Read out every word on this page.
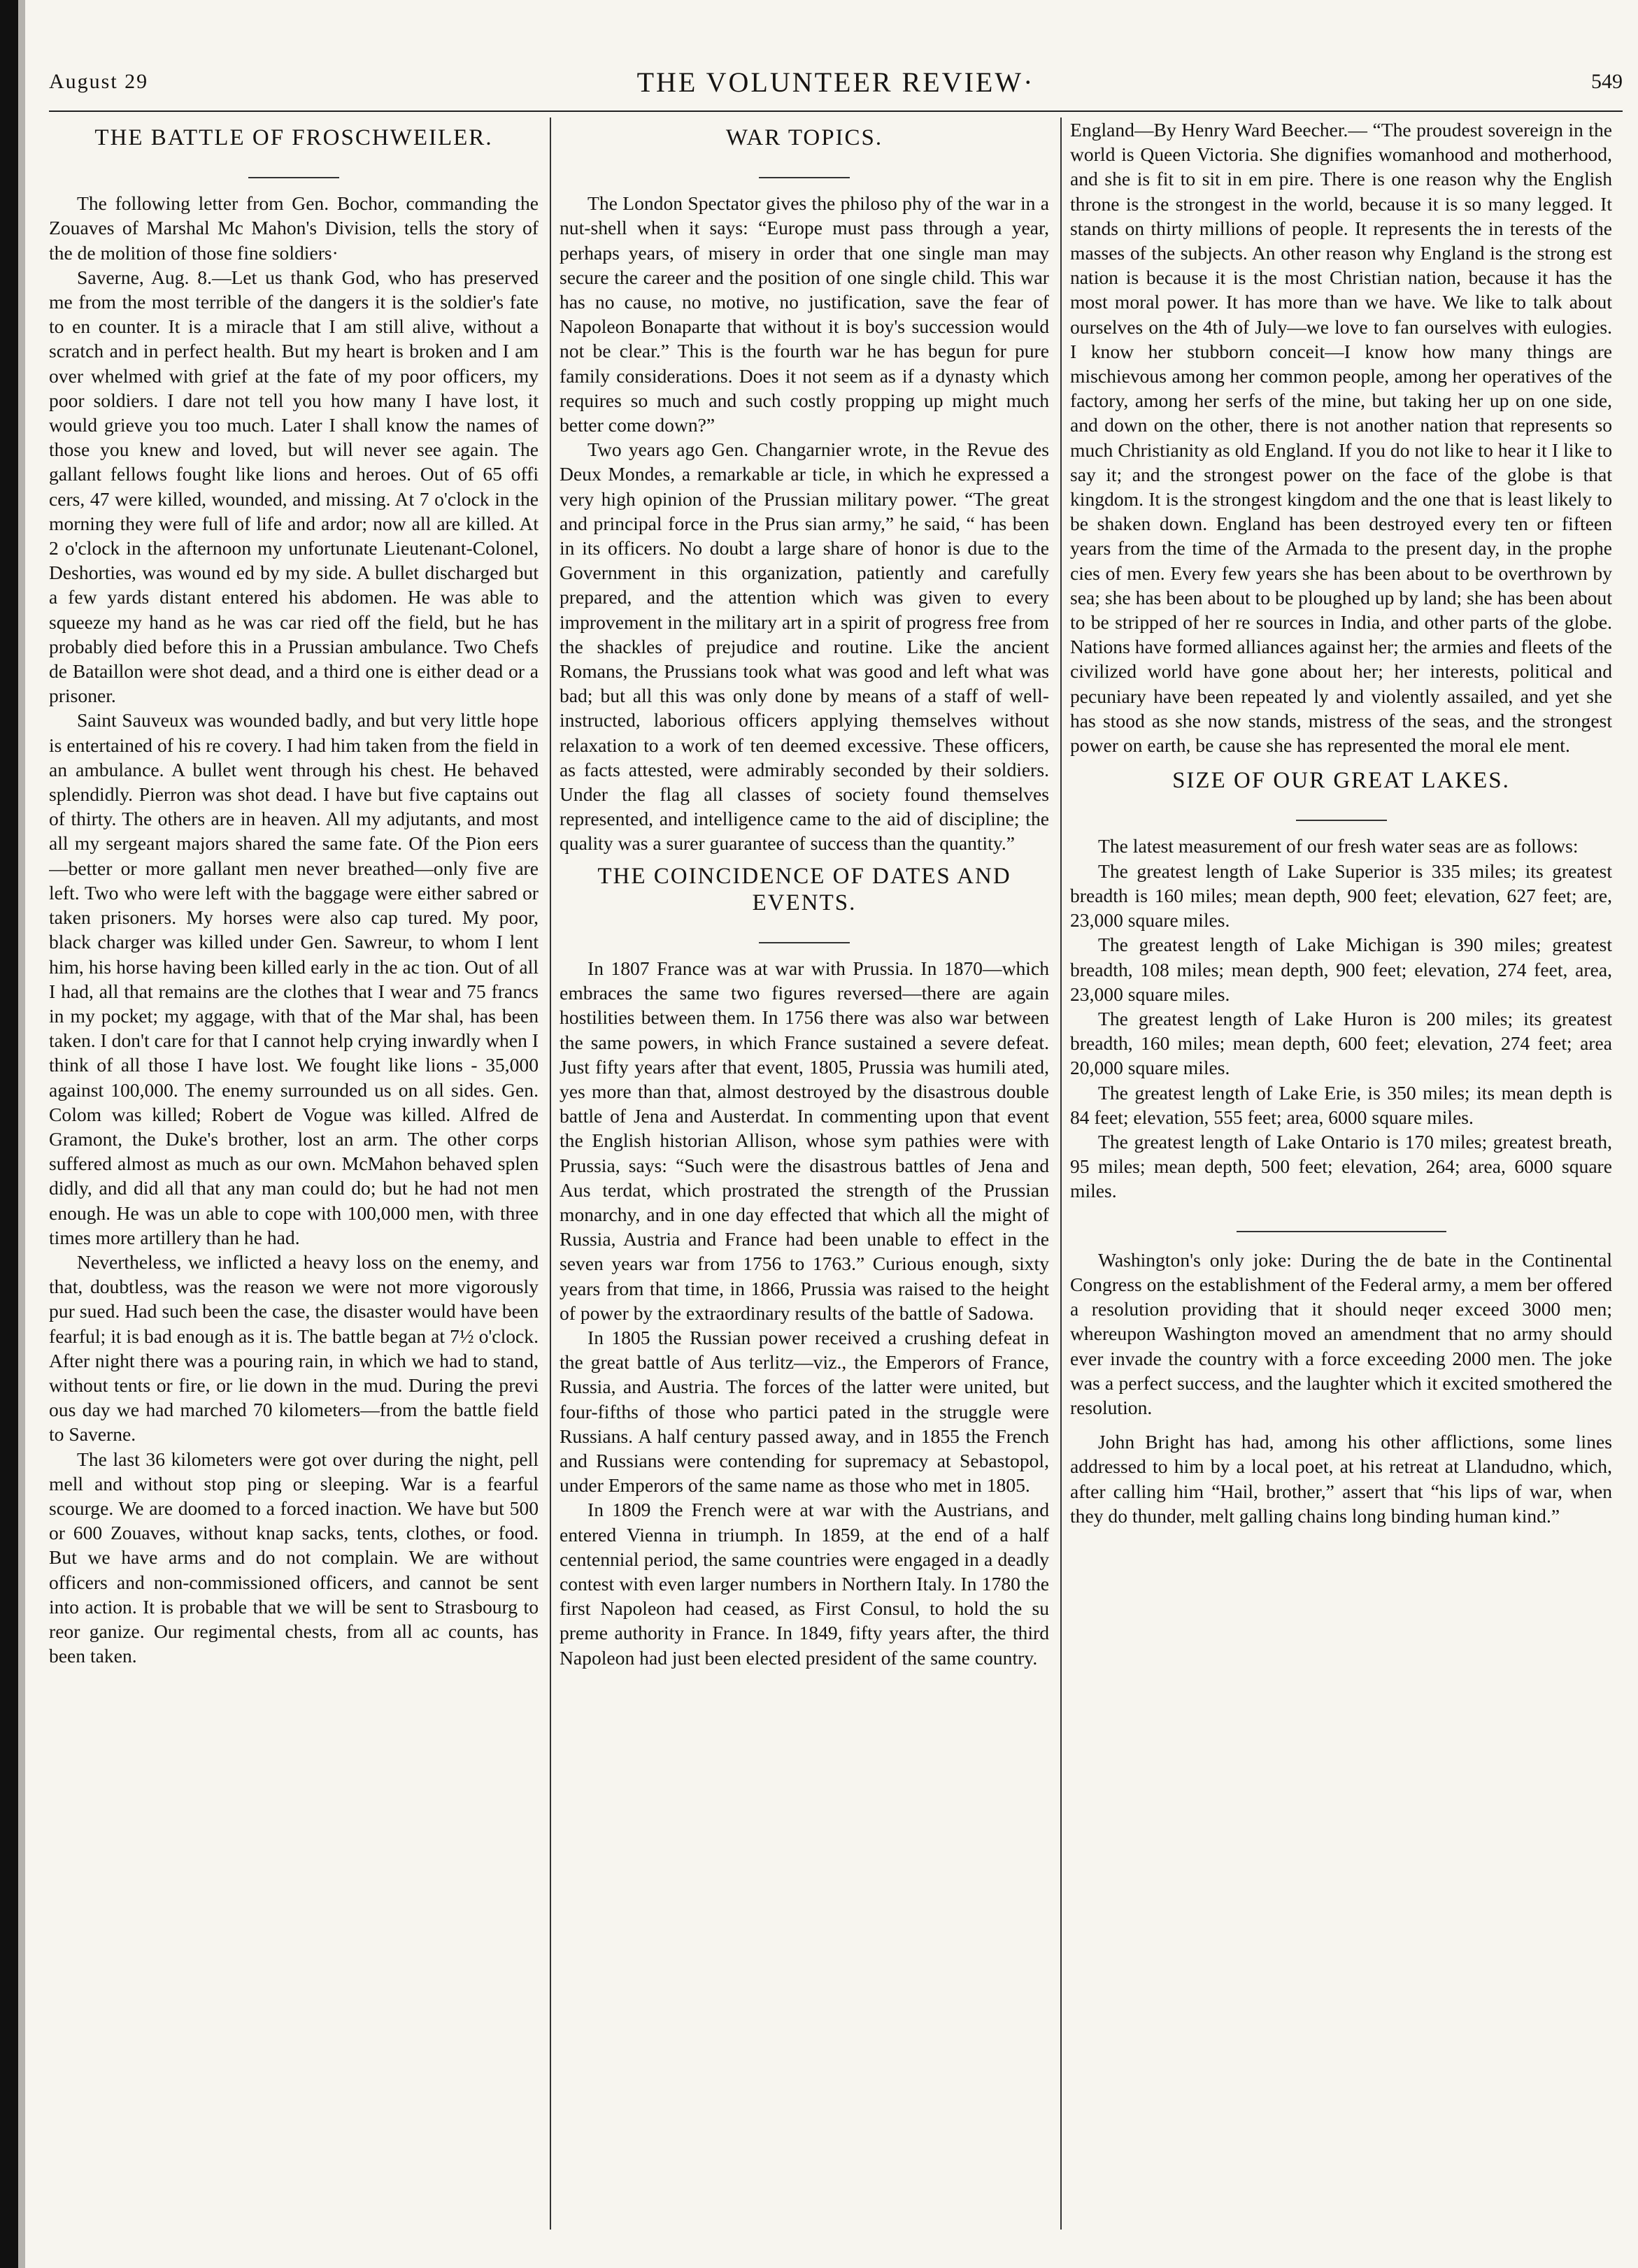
August 29	THE VOLUNTEER REVIEW·	549
THE BATTLE OF FROSCHWEILER.

The following letter from Gen. Bochor, commanding the Zouaves of Marshal Mc Mahon's Division, tells the story of the de molition of those fine soldiers·

Saverne, Aug. 8.—Let us thank God, who has preserved me from the most terrible of the dangers it is the soldier's fate to en counter. It is a miracle that I am still alive, without a scratch and in perfect health. But my heart is broken and I am over whelmed with grief at the fate of my poor officers, my poor soldiers. I dare not tell you how many I have lost, it would grieve you too much. Later I shall know the names of those you knew and loved, but will never see again. The gallant fellows fought like lions and heroes. Out of 65 offi cers, 47 were killed, wounded, and missing. At 7 o'clock in the morning they were full of life and ardor; now all are killed. At 2 o'clock in the afternoon my unfortunate Lieutenant-Colonel, Deshorties, was wound ed by my side. A bullet discharged but a few yards distant entered his abdomen. He was able to squeeze my hand as he was car ried off the field, but he has probably died before this in a Prussian ambulance. Two Chefs de Bataillon were shot dead, and a third one is either dead or a prisoner.

Saint Sauveux was wounded badly, and but very little hope is entertained of his re covery. I had him taken from the field in an ambulance. A bullet went through his chest. He behaved splendidly. Pierron was shot dead. I have but five captains out of thirty. The others are in heaven. All my adjutants, and most all my sergeant majors shared the same fate. Of the Pion eers—better or more gallant men never breathed—only five are left. Two who were left with the baggage were either sabred or taken prisoners. My horses were also cap tured. My poor, black charger was killed under Gen. Sawreur, to whom I lent him, his horse having been killed early in the ac tion. Out of all I had, all that remains are the clothes that I wear and 75 francs in my pocket; my aggage, with that of the Mar shal, has been taken. I don't care for that I cannot help crying inwardly when I think of all those I have lost. We fought like lions - 35,000 against 100,000. The enemy surrounded us on all sides. Gen. Colom was killed; Robert de Vogue was killed. Alfred de Gramont, the Duke's brother, lost an arm. The other corps suffered almost as much as our own. McMahon behaved splen didly, and did all that any man could do; but he had not men enough. He was un able to cope with 100,000 men, with three times more artillery than he had.

Nevertheless, we inflicted a heavy loss on the enemy, and that, doubtless, was the reason we were not more vigorously pur sued. Had such been the case, the disaster would have been fearful; it is bad enough as it is. The battle began at 7½ o'clock. After night there was a pouring rain, in which we had to stand, without tents or fire, or lie down in the mud. During the previ ous day we had marched 70 kilometers—from the battle field to Saverne.

The last 36 kilometers were got over during the night, pell mell and without stop ping or sleeping. War is a fearful scourge. We are doomed to a forced inaction. We have but 500 or 600 Zouaves, without knap sacks, tents, clothes, or food. But we have arms and do not complain. We are without officers and non-commissioned officers, and cannot be sent into action. It is probable that we will be sent to Strasbourg to reor ganize. Our regimental chests, from all ac counts, has been taken.

WAR TOPICS.

The London Spectator gives the philoso phy of the war in a nut-shell when it says: “Europe must pass through a year, perhaps years, of misery in order that one single man may secure the career and the position of one single child. This war has no cause, no motive, no justification, save the fear of Napoleon Bonaparte that without it is boy's succession would not be clear.” This is the fourth war he has begun for pure family considerations. Does it not seem as if a dynasty which requires so much and such costly propping up might much better come down?”

Two years ago Gen. Changarnier wrote, in the Revue des Deux Mondes, a remarkable ar ticle, in which he expressed a very high opinion of the Prussian military power. “The great and principal force in the Prus sian army,” he said, “ has been in its officers. No doubt a large share of honor is due to the Government in this organization, patiently and carefully prepared, and the attention which was given to every improvement in the military art in a spirit of progress free from the shackles of prejudice and routine. Like the ancient Romans, the Prussians took what was good and left what was bad; but all this was only done by means of a staff of well-instructed, laborious officers applying themselves without relaxation to a work of ten deemed excessive. These officers, as facts attested, were admirably seconded by their soldiers. Under the flag all classes of society found themselves represented, and intelligence came to the aid of discipline; the quality was a surer guarantee of success than the quantity.”

THE COINCIDENCE OF DATES AND EVENTS.

In 1807 France was at war with Prussia. In 1870—which embraces the same two figures reversed—there are again hostilities between them. In 1756 there was also war between the same powers, in which France sustained a severe defeat. Just fifty years after that event, 1805, Prussia was humili ated, yes more than that, almost destroyed by the disastrous double battle of Jena and Austerdat. In commenting upon that event the English historian Allison, whose sym pathies were with Prussia, says: “Such were the disastrous battles of Jena and Aus terdat, which prostrated the strength of the Prussian monarchy, and in one day effected that which all the might of Russia, Austria and France had been unable to effect in the seven years war from 1756 to 1763.” Curious enough, sixty years from that time, in 1866, Prussia was raised to the height of power by the extraordinary results of the battle of Sadowa.

In 1805 the Russian power received a crushing defeat in the great battle of Aus terlitz—viz., the Emperors of France, Russia, and Austria. The forces of the latter were united, but four-fifths of those who partici pated in the struggle were Russians. A half century passed away, and in 1855 the French and Russians were contending for supremacy at Sebastopol, under Emperors of the same name as those who met in 1805.

In 1809 the French were at war with the Austrians, and entered Vienna in triumph. In 1859, at the end of a half centennial period, the same countries were engaged in a deadly contest with even larger numbers in Northern Italy. In 1780 the first Napoleon had ceased, as First Consul, to hold the su preme authority in France. In 1849, fifty years after, the third Napoleon had just been elected president of the same country.

England—By Henry Ward Beecher.— “The proudest sovereign in the world is Queen Victoria. She dignifies womanhood and motherhood, and she is fit to sit in em pire. There is one reason why the English throne is the strongest in the world, because it is so many legged. It stands on thirty millions of people. It represents the in terests of the masses of the subjects. An other reason why England is the strong est nation is because it is the most Christian nation, because it has the most moral power. It has more than we have. We like to talk about ourselves on the 4th of July—we love to fan ourselves with eulogies. I know her stubborn conceit—I know how many things are mischievous among her common people, among her operatives of the factory, among her serfs of the mine, but taking her up on one side, and down on the other, there is not another nation that represents so much Christianity as old England. If you do not like to hear it I like to say it; and the strongest power on the face of the globe is that kingdom. It is the strongest kingdom and the one that is least likely to be shaken down. England has been destroyed every ten or fifteen years from the time of the Armada to the present day, in the prophe cies of men. Every few years she has been about to be overthrown by sea; she has been about to be ploughed up by land; she has been about to be stripped of her re sources in India, and other parts of the globe. Nations have formed alliances against her; the armies and fleets of the civilized world have gone about her; her interests, political and pecuniary have been repeated ly and violently assailed, and yet she has stood as she now stands, mistress of the seas, and the strongest power on earth, be cause she has represented the moral ele ment.

SIZE OF OUR GREAT LAKES.

The latest measurement of our fresh water seas are as follows:

The greatest length of Lake Superior is 335 miles; its greatest breadth is 160 miles; mean depth, 900 feet; elevation, 627 feet; are, 23,000 square miles.

The greatest length of Lake Michigan is 390 miles; greatest breadth, 108 miles; mean depth, 900 feet; elevation, 274 feet, area, 23,000 square miles.

The greatest length of Lake Huron is 200 miles; its greatest breadth, 160 miles; mean depth, 600 feet; elevation, 274 feet; area 20,000 square miles.

The greatest length of Lake Erie, is 350 miles; its mean depth is 84 feet; elevation, 555 feet; area, 6000 square miles.

The greatest length of Lake Ontario is 170 miles; greatest breath, 95 miles; mean depth, 500 feet; elevation, 264; area, 6000 square miles.

Washington's only joke: During the de bate in the Continental Congress on the establishment of the Federal army, a mem ber offered a resolution providing that it should neqer exceed 3000 men; whereupon Washington moved an amendment that no army should ever invade the country with a force exceeding 2000 men. The joke was a perfect success, and the laughter which it excited smothered the resolution.

John Bright has had, among his other afflictions, some lines addressed to him by a local poet, at his retreat at Llandudno, which, after calling him “Hail, brother,” assert that “his lips of war, when they do thunder, melt galling chains long binding human kind.”
